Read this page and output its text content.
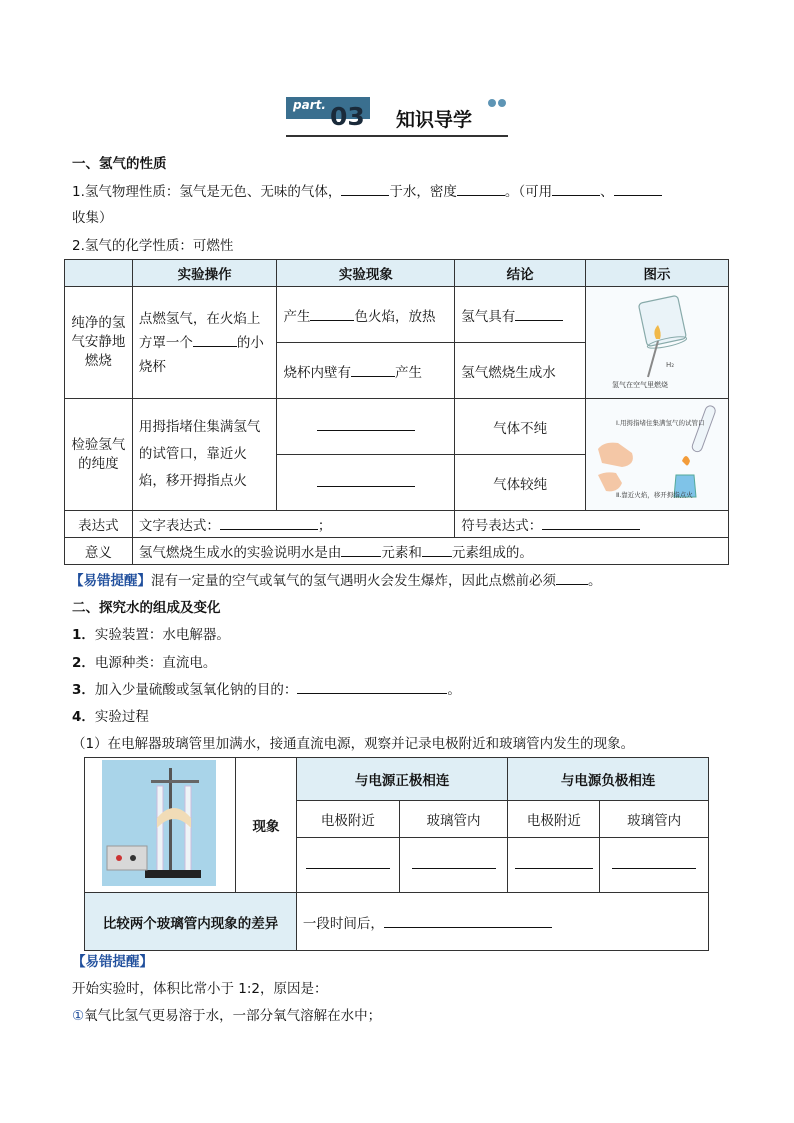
part. 03 知识导学
一、氢气的性质
1.氢气物理性质：氢气是无色、无味的气体，	于水，密度	。（可用	、
收集）
2.氢气的化学性质：可燃性
	实验操作	实验现象	结论	图示
纯净的氢气安静地燃烧	点燃氢气，在火焰上方罩一个 的小烧杯	产生 色火焰，放热	氢气具有	H₂
氢气在空气里燃烧

		烧杯内壁有 产生	氢气燃烧生成水	
检验氢气的纯度	用拇指堵住集满氢气的试管口，靠近火焰，移开拇指点火		气体不纯	Ⅰ.用拇指堵住集满氢气的试管口
Ⅱ.靠近火焰，移开拇指点火

			气体较纯	
表达式	文字表达式： ；		符号表达式：	
意义	氢气燃烧生成水的实验说明水是由 元素和 元素组成的。			
【易错提醒】混有一定量的空气或氧气的氢气遇明火会发生爆炸，因此点燃前必须 。
二、探究水的组成及变化
1．实验装置：水电解器。
2．电源种类：直流电。
3．加入少量硫酸或氢氧化钠的目的：	。
4．实验过程
（1）在电解器玻璃管里加满水，接通直流电源，观察并记录电极附近和玻璃管内发生的现象。
	现象	与电源正极相连		与电源负极相连	
		电极附近	玻璃管内	电极附近	玻璃管内

比较两个玻璃管内现象的差异		一段时间后，			
【易错提醒】
开始实验时，体积比常小于 1:2，原因是：
①氧气比氢气更易溶于水，一部分氧气溶解在水中；
